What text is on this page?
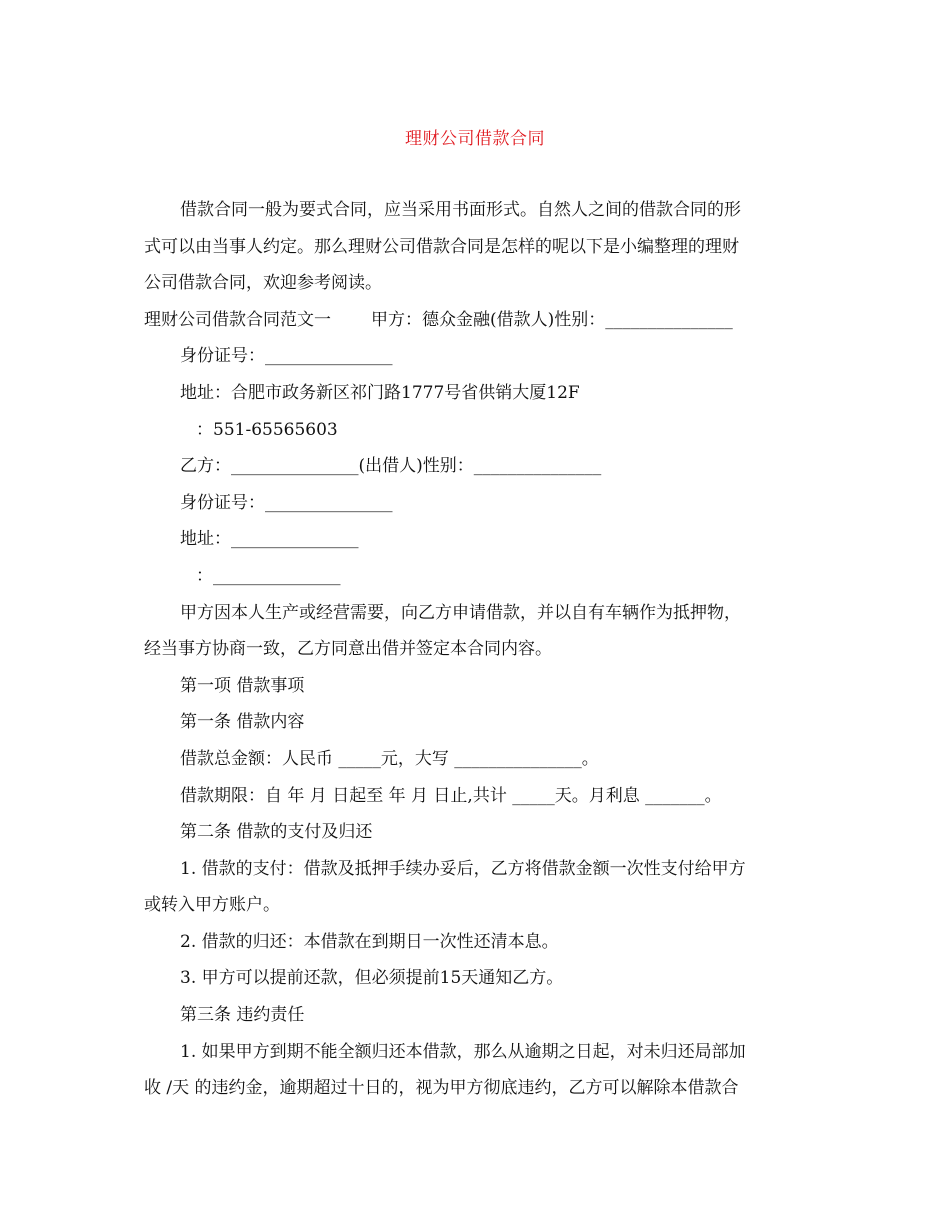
理财公司借款合同

借款合同一般为要式合同，应当采用书面形式。自然人之间的借款合同的形

式可以由当事人约定。那么理财公司借款合同是怎样的呢以下是小编整理的理财

公司借款合同，欢迎参考阅读。

理财公司借款合同范文一 甲方：德众金融(借款人)性别：_______________

身份证号：_______________

地址：合肥市政务新区祁门路1777号省供销大厦12F

：551-65565603

乙方：_______________(出借人)性别：_______________

身份证号：_______________

地址：_______________

：_______________

甲方因本人生产或经营需要，向乙方申请借款，并以自有车辆作为抵押物，

经当事方协商一致，乙方同意出借并签定本合同内容。

第一项 借款事项

第一条 借款内容

借款总金额：人民币 _____元，大写 _______________。

借款期限：自 年 月 日起至 年 月 日止,共计 _____天。月利息 _______。

第二条 借款的支付及归还

1. 借款的支付：借款及抵押手续办妥后，乙方将借款金额一次性支付给甲方

或转入甲方账户。

2. 借款的归还：本借款在到期日一次性还清本息。

3. 甲方可以提前还款，但必须提前15天通知乙方。

第三条 违约责任

1. 如果甲方到期不能全额归还本借款，那么从逾期之日起，对未归还局部加

收 /天 的违约金，逾期超过十日的，视为甲方彻底违约，乙方可以解除本借款合
